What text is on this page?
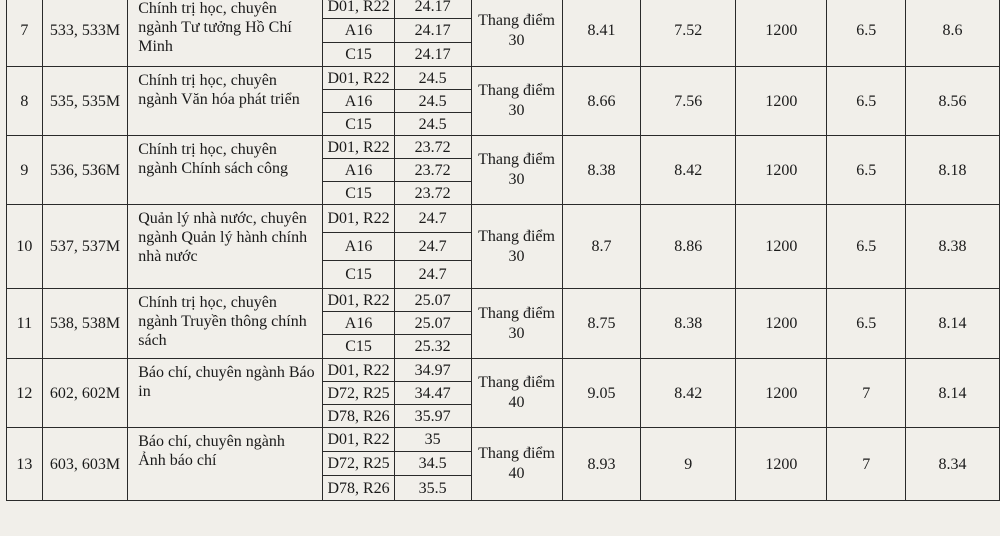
7	533, 533M	Chính trị học, chuyên ngành Tư tưởng Hồ Chí Minh	D01, R22	24.17	Thang điểm 30	8.41	7.52	1200	6.5	8.6
			A16	24.17						
			C15	24.17						
8	535, 535M	Chính trị học, chuyên ngành Văn hóa phát triển	D01, R22	24.5	Thang điểm 30	8.66	7.56	1200	6.5	8.56
			A16	24.5						
			C15	24.5						
9	536, 536M	Chính trị học, chuyên ngành Chính sách công	D01, R22	23.72	Thang điểm 30	8.38	8.42	1200	6.5	8.18
			A16	23.72						
			C15	23.72						
10	537, 537M	Quản lý nhà nước, chuyên ngành Quản lý hành chính nhà nước	D01, R22	24.7	Thang điểm 30	8.7	8.86	1200	6.5	8.38
			A16	24.7						
			C15	24.7						
11	538, 538M	Chính trị học, chuyên ngành Truyền thông chính sách	D01, R22	25.07	Thang điểm 30	8.75	8.38	1200	6.5	8.14
			A16	25.07						
			C15	25.32						
12	602, 602M	Báo chí, chuyên ngành Báo in	D01, R22	34.97	Thang điểm 40	9.05	8.42	1200	7	8.14
			D72, R25	34.47						
			D78, R26	35.97						
13	603, 603M	Báo chí, chuyên ngành Ảnh báo chí	D01, R22	35	Thang điểm 40	8.93	9	1200	7	8.34
			D72, R25	34.5						
			D78, R26	35.5						
